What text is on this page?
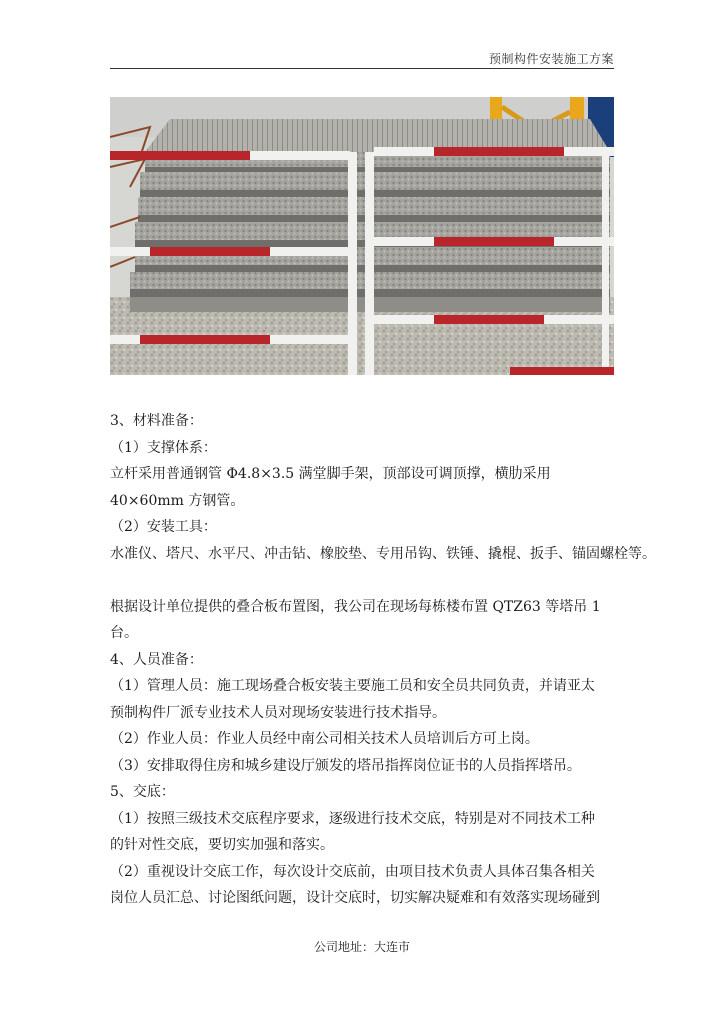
预制构件安装施工方案
3、材料准备：
（1）支撑体系：
立杆采用普通钢管 Φ4.8×3.5 满堂脚手架，顶部设可调顶撑，横肋采用
40×60mm 方钢管。
（2）安装工具：
水准仪、塔尺、水平尺、冲击钻、橡胶垫、专用吊钩、铁锤、撬棍、扳手、锚固螺栓等。
根据设计单位提供的叠合板布置图，我公司在现场每栋楼布置 QTZ63 等塔吊 1
台。
4、人员准备：
（1）管理人员：施工现场叠合板安装主要施工员和安全员共同负责，并请亚太
预制构件厂派专业技术人员对现场安装进行技术指导。
（2）作业人员：作业人员经中南公司相关技术人员培训后方可上岗。
（3）安排取得住房和城乡建设厅颁发的塔吊指挥岗位证书的人员指挥塔吊。
5、交底：
（1）按照三级技术交底程序要求，逐级进行技术交底，特别是对不同技术工种
的针对性交底，要切实加强和落实。
（2）重视设计交底工作，每次设计交底前，由项目技术负责人具体召集各相关
岗位人员汇总、讨论图纸问题，设计交底时，切实解决疑难和有效落实现场碰到
公司地址：大连市
